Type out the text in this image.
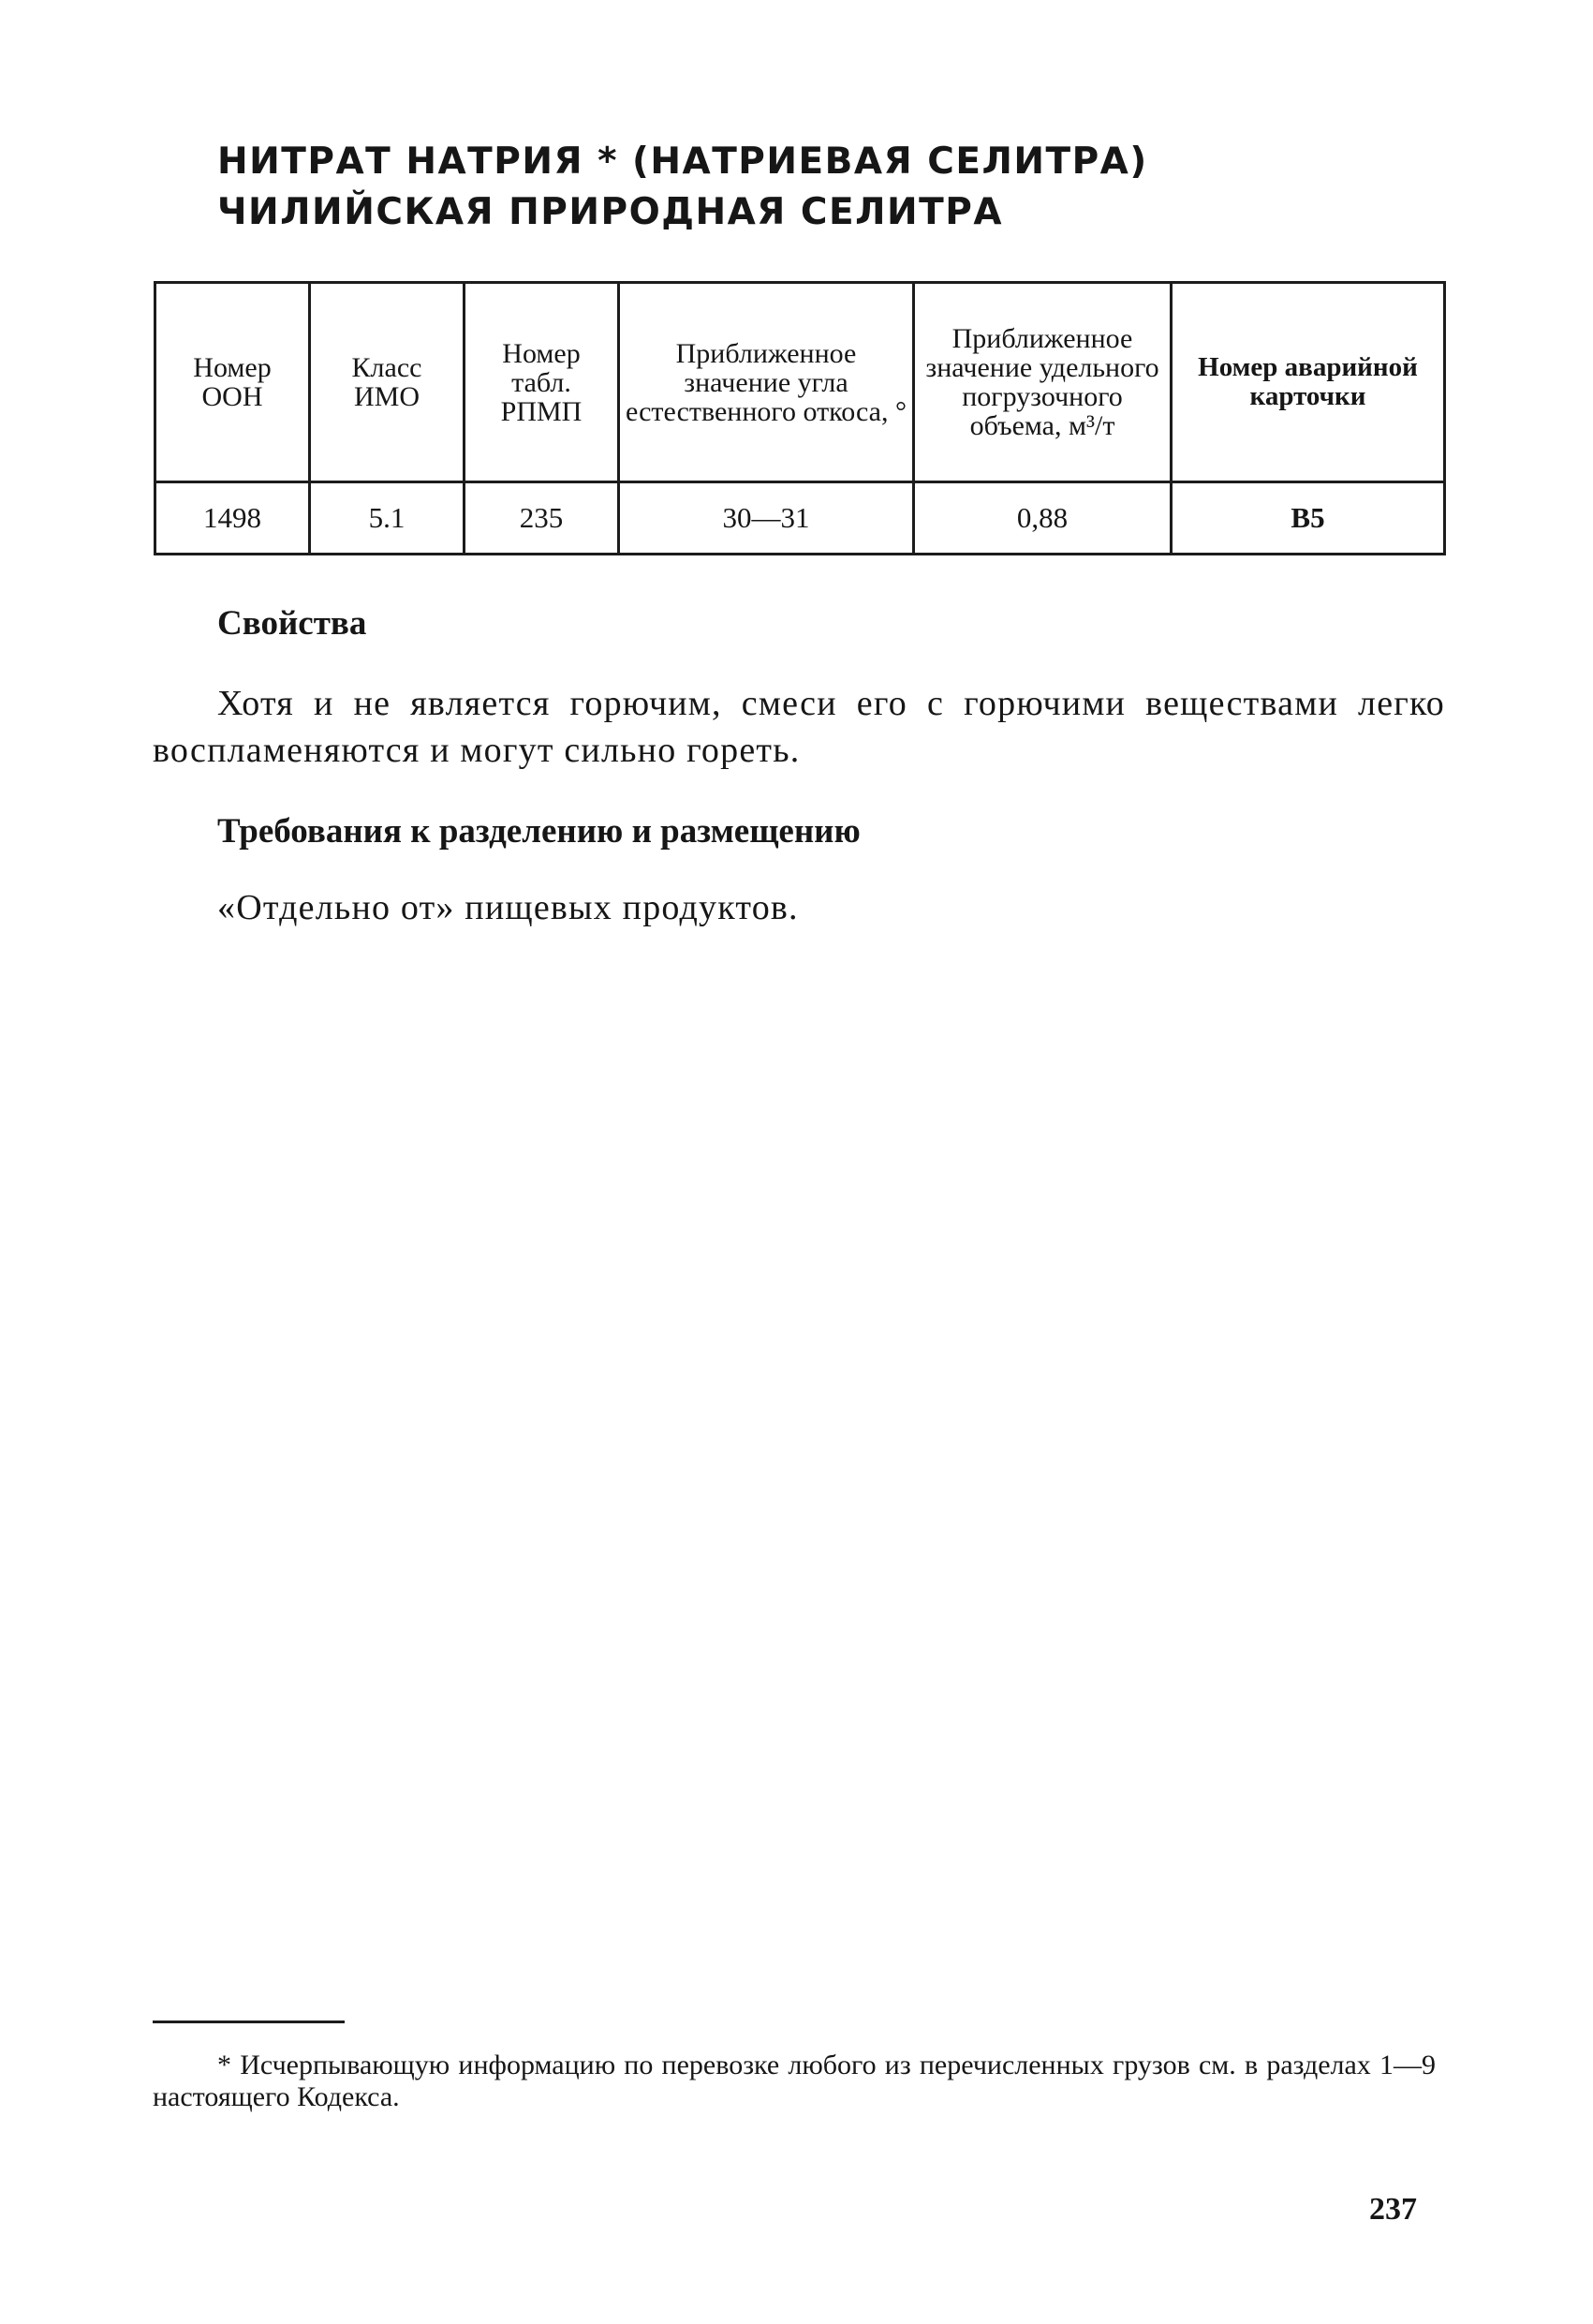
НИТРАТ НАТРИЯ * (НАТРИЕВАЯ СЕЛИТРА)
ЧИЛИЙСКАЯ ПРИРОДНАЯ СЕЛИТРА
Номер ООН	Класс ИМО	Номер табл. РПМП	Приближенное значение угла естественного откоса, °	Приближенное значение удельного погрузочного объема, м³/т	Номер аварийной карточки
1498	5.1	235	30—31	0,88	В5
Свойства

Хотя и не является горючим, смеси его с горючими веществами легко воспламеняются и могут сильно гореть.

Требования к разделению и размещению

«Отдельно от» пищевых продуктов.

* Исчерпывающую информацию по перевозке любого из перечисленных грузов см. в разделах 1—9 настоящего Кодекса.

237
